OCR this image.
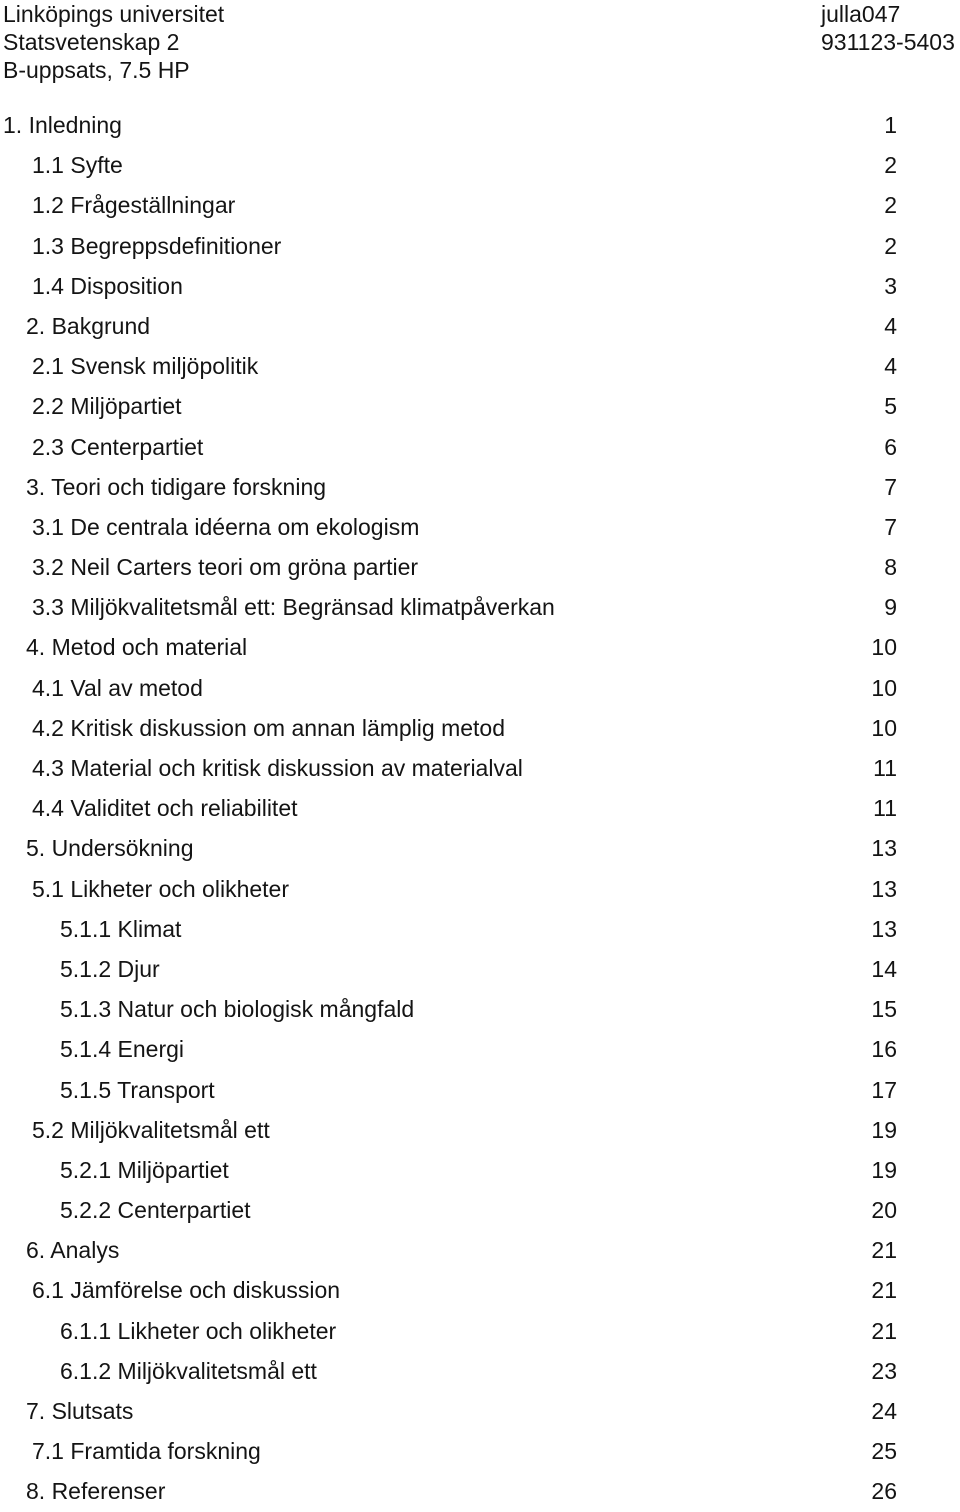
Linköpings universitet	julla047
Statsvetenskap 2	931123-5403
B-uppsats, 7.5 HP
1. Inledning	1
1.1 Syfte	2
1.2 Frågeställningar	2
1.3 Begreppsdefinitioner	2
1.4 Disposition	3
2. Bakgrund	4
2.1 Svensk miljöpolitik	4
2.2 Miljöpartiet	5
2.3 Centerpartiet	6
3. Teori och tidigare forskning	7
3.1 De centrala idéerna om ekologism	7
3.2 Neil Carters teori om gröna partier	8
3.3 Miljökvalitetsmål ett: Begränsad klimatpåverkan	9
4. Metod och material	10
4.1 Val av metod	10
4.2 Kritisk diskussion om annan lämplig metod	10
4.3 Material och kritisk diskussion av materialval	11
4.4 Validitet och reliabilitet	11
5. Undersökning	13
5.1 Likheter och olikheter	13
5.1.1 Klimat	13
5.1.2 Djur	14
5.1.3 Natur och biologisk mångfald	15
5.1.4 Energi	16
5.1.5 Transport	17
5.2 Miljökvalitetsmål ett	19
5.2.1 Miljöpartiet	19
5.2.2 Centerpartiet	20
6. Analys	21
6.1 Jämförelse och diskussion	21
6.1.1 Likheter och olikheter	21
6.1.2 Miljökvalitetsmål ett	23
7. Slutsats	24
7.1 Framtida forskning	25
8. Referenser	26
